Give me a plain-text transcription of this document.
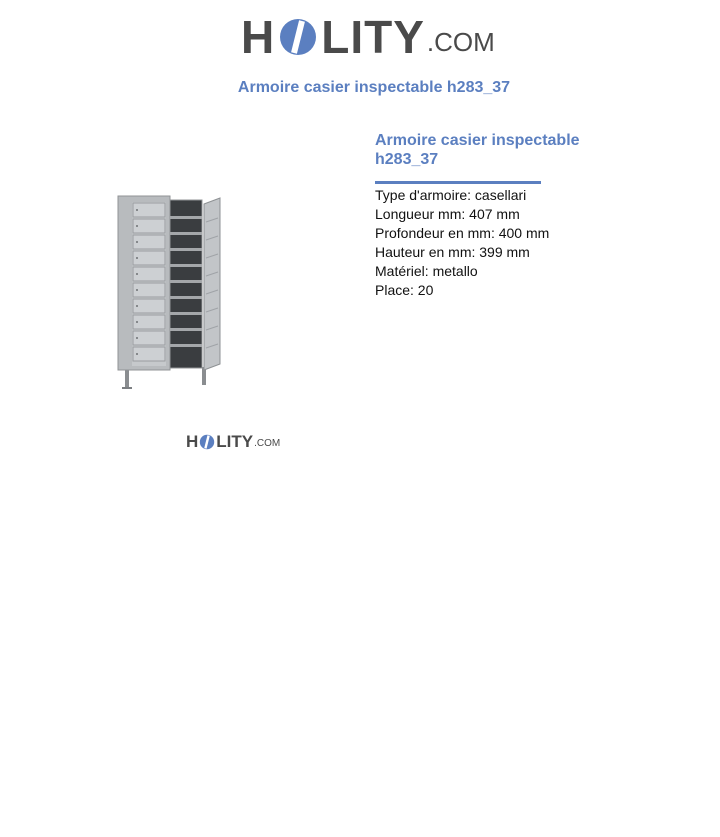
H LITY .COM
Armoire casier inspectable h283_37
Armoire casier inspectable h283_37
Type d'armoire: casellari
Longueur mm: 407 mm
Profondeur en mm: 400 mm
Hauteur en mm: 399 mm
Matériel: metallo
Place: 20
H LITY .COM
